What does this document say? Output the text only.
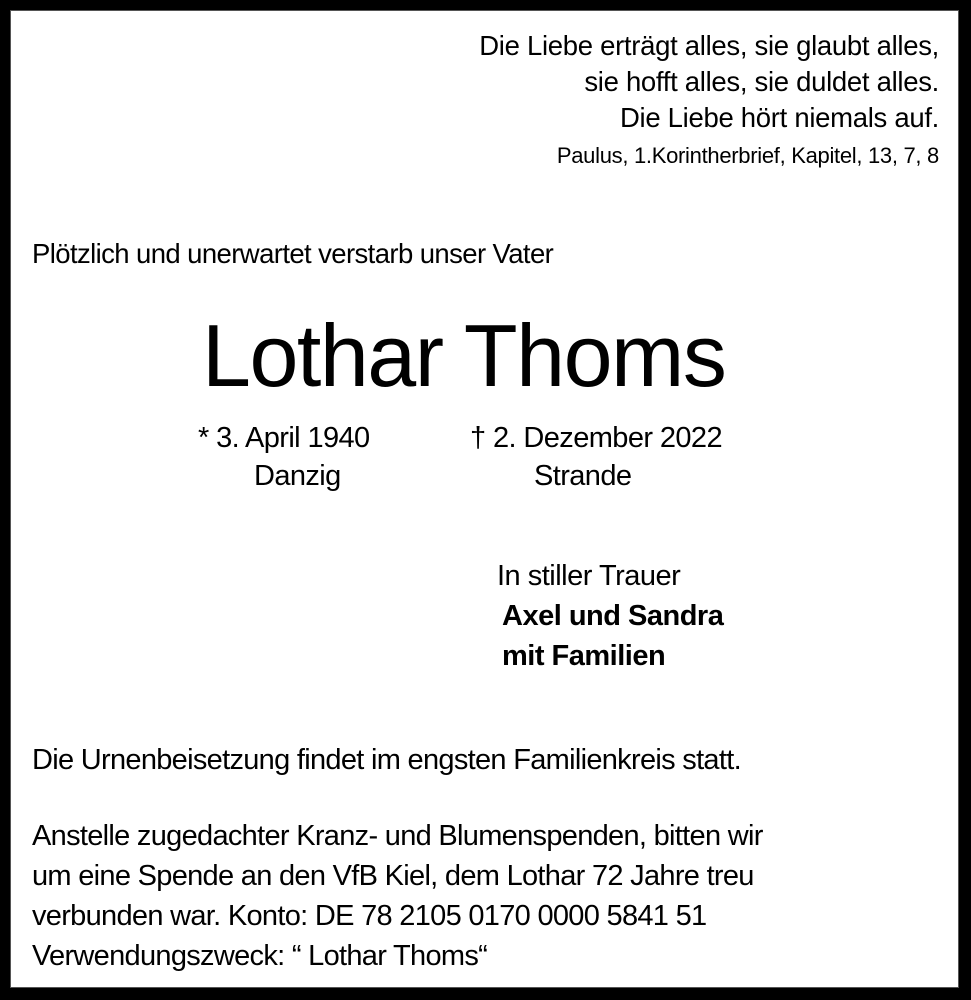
Die Liebe erträgt alles, sie glaubt alles,
sie hofft alles, sie duldet alles.
Die Liebe hört niemals auf.
Paulus, 1.Korintherbrief, Kapitel, 13, 7, 8
Plötzlich und unerwartet verstarb unser Vater
Lothar Thoms
* 3. April 1940
Danzig
† 2. Dezember 2022
Strande
In stiller Trauer
Axel und Sandra
mit Familien
Die Urnenbeisetzung findet im engsten Familienkreis statt.
Anstelle zugedachter Kranz- und Blumenspenden, bitten wir
um eine Spende an den VfB Kiel, dem Lothar 72 Jahre treu
verbunden war. Konto: DE 78 2105 0170 0000 5841 51
Verwendungszweck: “ Lothar Thoms“
